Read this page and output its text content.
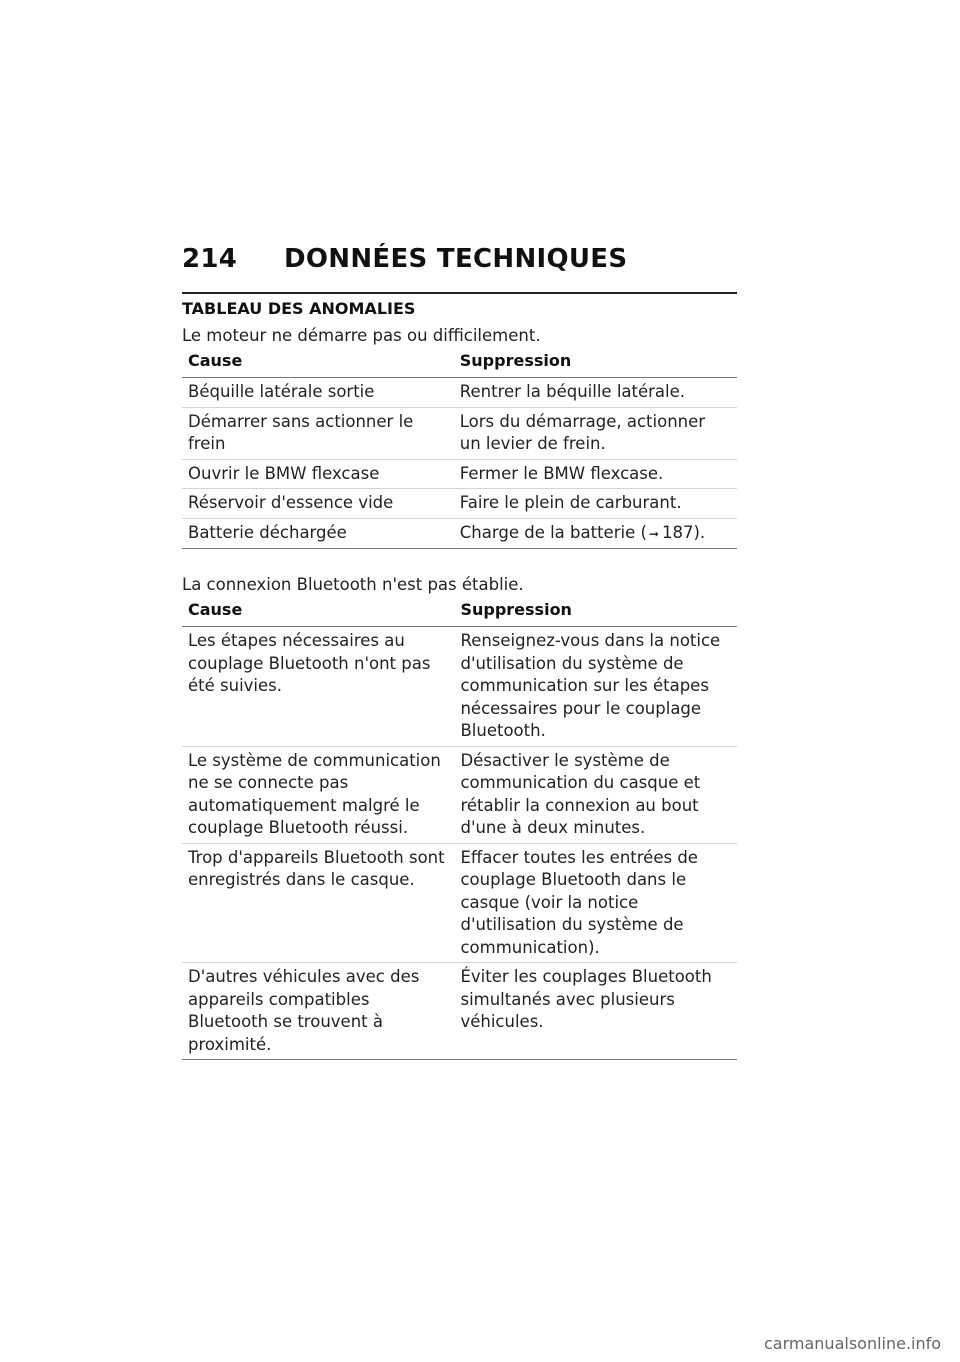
214	DONNÉES TECHNIQUES
TABLEAU DES ANOMALIES
Le moteur ne démarre pas ou difficilement.
Cause	Suppression
Béquille latérale sortie	Rentrer la béquille latérale.
Démarrer sans actionner le frein	Lors du démarrage, actionner un levier de frein.
Ouvrir le BMW flexcase	Fermer le BMW flexcase.
Réservoir d'essence vide	Faire le plein de carburant.
Batterie déchargée	Charge de la batterie ( ➞ 187).
La connexion Bluetooth n'est pas établie.
Cause	Suppression
Les étapes nécessaires au couplage Bluetooth n'ont pas été suivies.	Renseignez-vous dans la notice d'utilisation du système de communication sur les étapes nécessaires pour le couplage Bluetooth.
Le système de communication ne se connecte pas automatiquement malgré le couplage Bluetooth réussi.	Désactiver le système de communication du casque et rétablir la connexion au bout d'une à deux minutes.
Trop d'appareils Bluetooth sont enregistrés dans le casque.	Effacer toutes les entrées de couplage Bluetooth dans le casque (voir la notice d'utilisation du système de communication).
D'autres véhicules avec des appareils compatibles Bluetooth se trouvent à proximité.	Éviter les couplages Bluetooth simultanés avec plusieurs véhicules.
carmanualsonline.info
